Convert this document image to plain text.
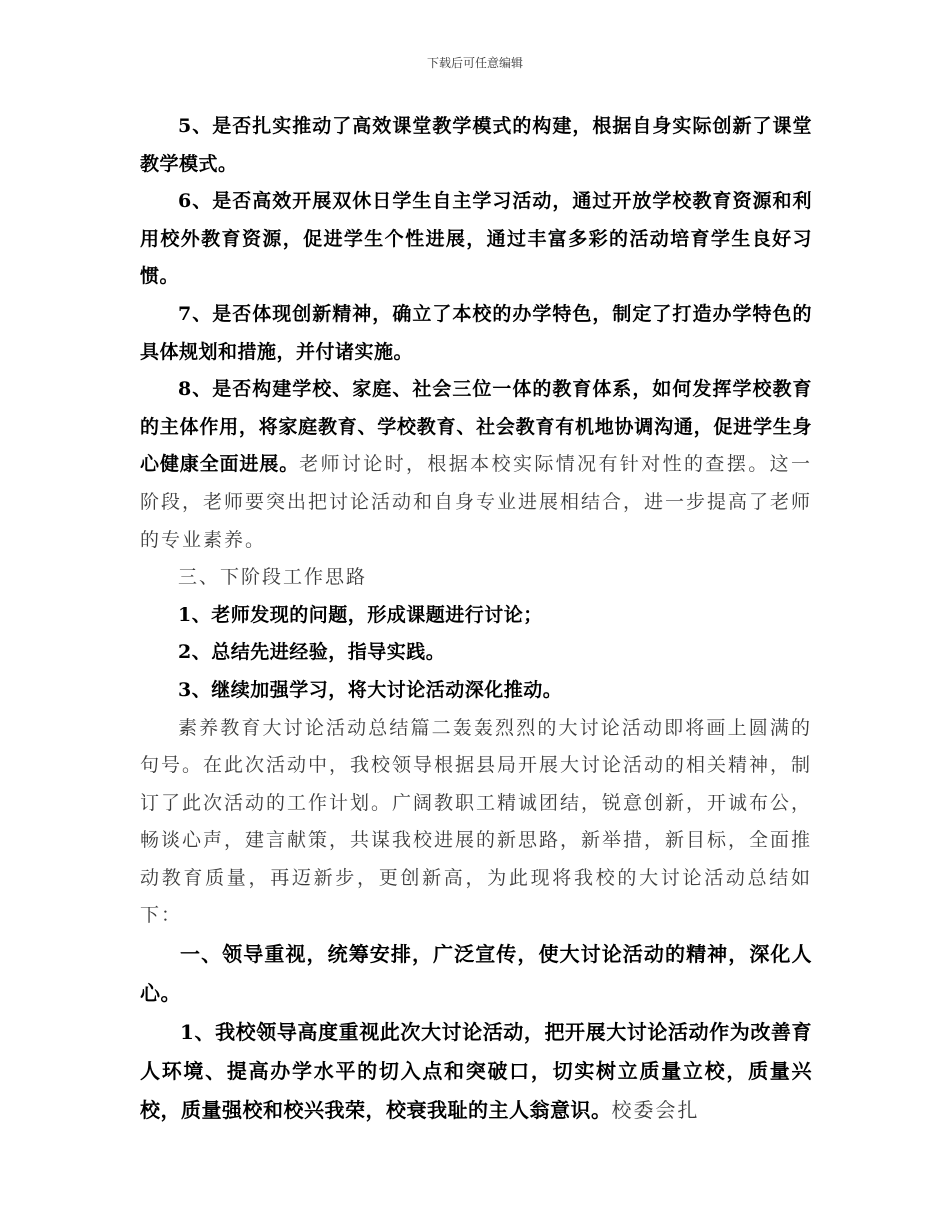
下载后可任意编辑

5、是否扎实推动了高效课堂教学模式的构建，根据自身实际创新了课堂教学模式。

6、是否高效开展双休日学生自主学习活动，通过开放学校教育资源和利用校外教育资源，促进学生个性进展，通过丰富多彩的活动培育学生良好习惯。

7、是否体现创新精神，确立了本校的办学特色，制定了打造办学特色的具体规划和措施，并付诸实施。

8、是否构建学校、家庭、社会三位一体的教育体系，如何发挥学校教育的主体作用，将家庭教育、学校教育、社会教育有机地协调沟通，促进学生身心健康全面进展。老师讨论时，根据本校实际情况有针对性的查摆。这一阶段，老师要突出把讨论活动和自身专业进展相结合，进一步提高了老师的专业素养。

三、下阶段工作思路

1、老师发现的问题，形成课题进行讨论；

2、总结先进经验，指导实践。

3、继续加强学习，将大讨论活动深化推动。

素养教育大讨论活动总结篇二轰轰烈烈的大讨论活动即将画上圆满的句号。在此次活动中，我校领导根据县局开展大讨论活动的相关精神，制订了此次活动的工作计划。广阔教职工精诚团结，锐意创新，开诚布公，畅谈心声，建言献策，共谋我校进展的新思路，新举措，新目标，全面推动教育质量，再迈新步，更创新高，为此现将我校的大讨论活动总结如下：

一、领导重视，统筹安排，广泛宣传，使大讨论活动的精神，深化人心。

1、我校领导高度重视此次大讨论活动，把开展大讨论活动作为改善育人环境、提高办学水平的切入点和突破口，切实树立质量立校，质量兴校，质量强校和校兴我荣，校衰我耻的主人翁意识。校委会扎
